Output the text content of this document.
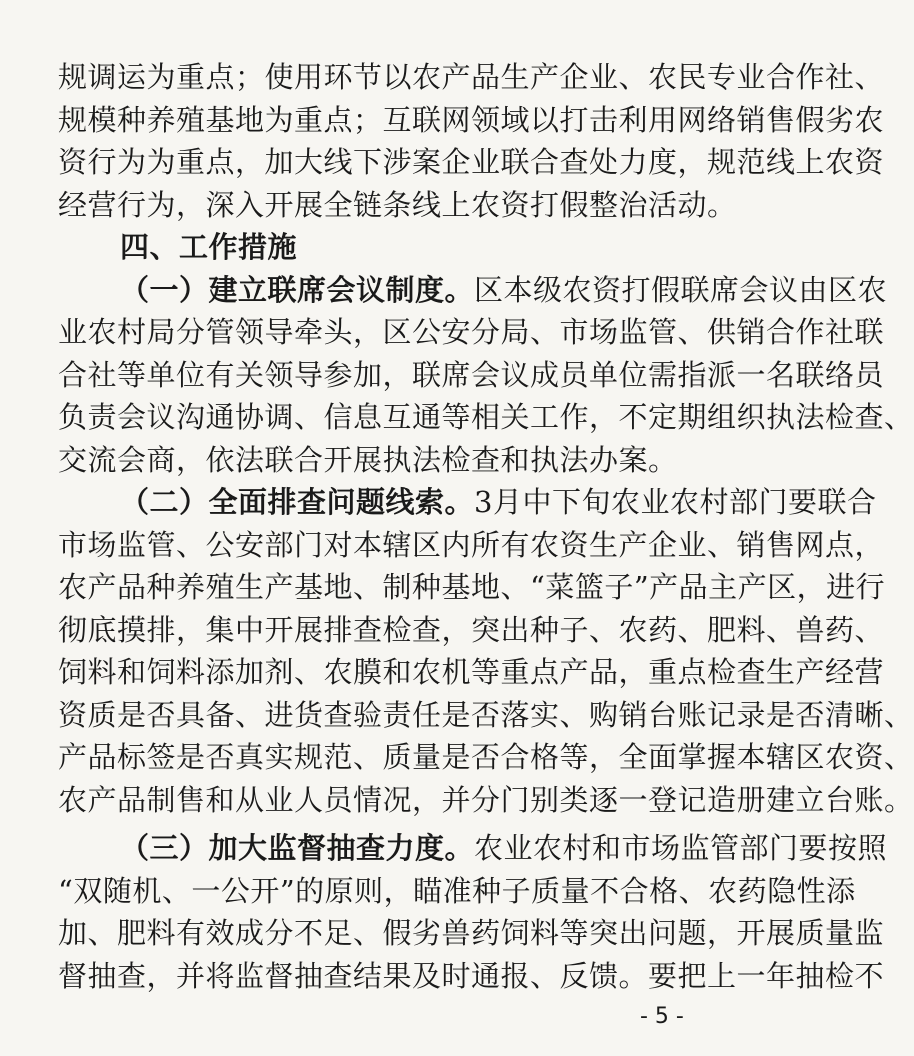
规调运为重点；使用环节以农产品生产企业、农民专业合作社、
规模种养殖基地为重点；互联网领域以打击利用网络销售假劣农
资行为为重点，加大线下涉案企业联合查处力度，规范线上农资
经营行为，深入开展全链条线上农资打假整治活动。
四、工作措施
（一）建立联席会议制度。区本级农资打假联席会议由区农
业农村局分管领导牵头，区公安分局、市场监管、供销合作社联
合社等单位有关领导参加，联席会议成员单位需指派一名联络员
负责会议沟通协调、信息互通等相关工作，不定期组织执法检查、
交流会商，依法联合开展执法检查和执法办案。
（二）全面排查问题线索。3月中下旬农业农村部门要联合
市场监管、公安部门对本辖区内所有农资生产企业、销售网点，
农产品种养殖生产基地、制种基地、“菜篮子”产品主产区，进行
彻底摸排，集中开展排查检查，突出种子、农药、肥料、兽药、
饲料和饲料添加剂、农膜和农机等重点产品，重点检查生产经营
资质是否具备、进货查验责任是否落实、购销台账记录是否清晰、
产品标签是否真实规范、质量是否合格等，全面掌握本辖区农资、
农产品制售和从业人员情况，并分门别类逐一登记造册建立台账。
（三）加大监督抽查力度。农业农村和市场监管部门要按照
“双随机、一公开”的原则，瞄准种子质量不合格、农药隐性添
加、肥料有效成分不足、假劣兽药饲料等突出问题，开展质量监
督抽查，并将监督抽查结果及时通报、反馈。要把上一年抽检不
- 5 -
